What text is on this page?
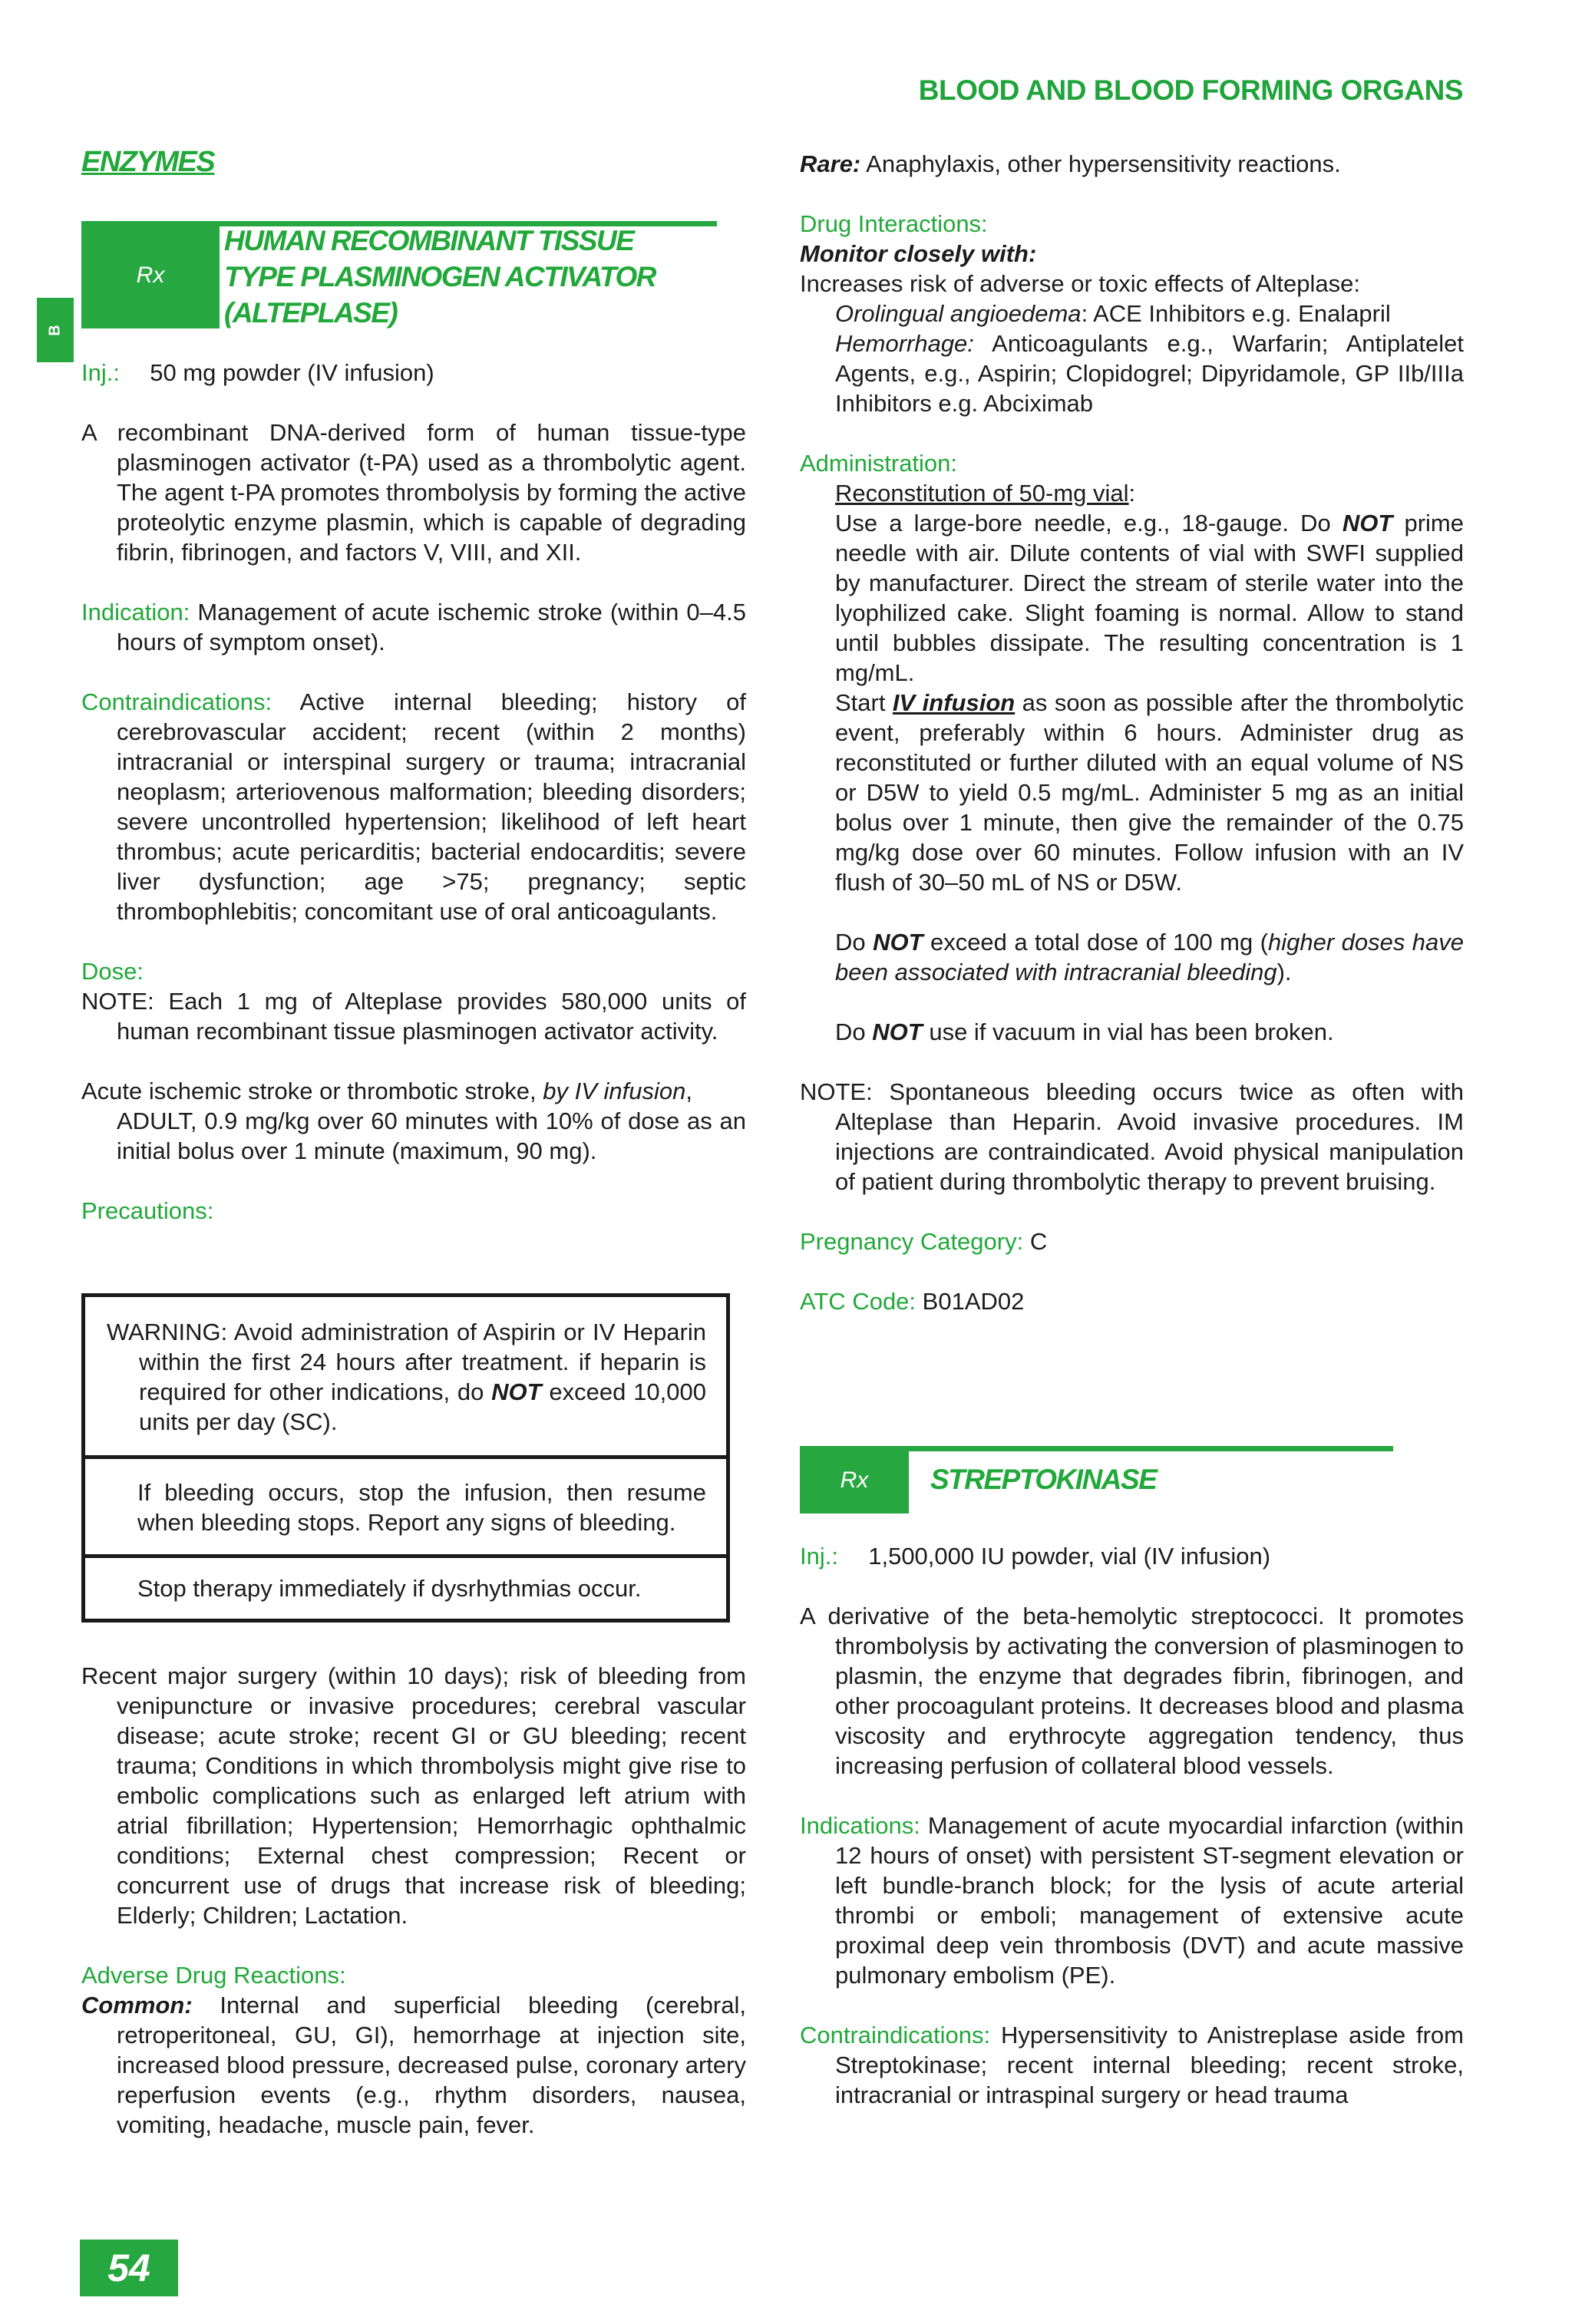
BLOOD AND BLOOD FORMING ORGANS
B
ENZYMES
Rx
HUMAN RECOMBINANT TISSUE
TYPE PLASMINOGEN ACTIVATOR
(ALTEPLASE)

Inj.: 50 mg powder (IV infusion)

A recombinant DNA-derived form of human tissue-type plasminogen activator (t-PA) used as a thrombolytic agent. The agent t-PA promotes thrombolysis by forming the active proteolytic enzyme plasmin, which is capable of degrading fibrin, fibrinogen, and factors V, VIII, and XII.

Indication: Management of acute ischemic stroke (within 0–4.5 hours of symptom onset).

Contraindications: Active internal bleeding; history of cerebrovascular accident; recent (within 2 months) intracranial or interspinal surgery or trauma; intracranial neoplasm; arteriovenous malformation; bleeding disorders; severe uncontrolled hypertension; likelihood of left heart thrombus; acute pericarditis; bacterial endocarditis; severe liver dysfunction; age >75; pregnancy; septic thrombophlebitis; concomitant use of oral anticoagulants.

Dose:

NOTE: Each 1 mg of Alteplase provides 580,000 units of human recombinant tissue plasminogen activator activity.

Acute ischemic stroke or thrombotic stroke, by IV infusion,
ADULT, 0.9 mg/kg over 60 minutes with 10% of dose as an initial bolus over 1 minute (maximum, 90 mg).

Precautions:

WARNING: Avoid administration of Aspirin or IV Heparin within the first 24 hours after treatment. if heparin is required for other indications, do NOT exceed 10,000 units per day (SC).

If bleeding occurs, stop the infusion, then resume when bleeding stops. Report any signs of bleeding.

Stop therapy immediately if dysrhythmias occur.

Recent major surgery (within 10 days); risk of bleeding from venipuncture or invasive procedures; cerebral vascular disease; acute stroke; recent GI or GU bleeding; recent trauma; Conditions in which thrombolysis might give rise to embolic complications such as enlarged left atrium with atrial fibrillation; Hypertension; Hemorrhagic ophthalmic conditions; External chest compression; Recent or concurrent use of drugs that increase risk of bleeding; Elderly; Children; Lactation.

Adverse Drug Reactions:

Common: Internal and superficial bleeding (cerebral, retroperitoneal, GU, GI), hemorrhage at injection site, increased blood pressure, decreased pulse, coronary artery reperfusion events (e.g., rhythm disorders, nausea, vomiting, headache, muscle pain, fever.

Rare: Anaphylaxis, other hypersensitivity reactions.

Drug Interactions:

Monitor closely with:

Increases risk of adverse or toxic effects of Alteplase:

Orolingual angioedema: ACE Inhibitors e.g. Enalapril

Hemorrhage: Anticoagulants e.g., Warfarin; Antiplatelet Agents, e.g., Aspirin; Clopidogrel; Dipyridamole, GP IIb/IIIa Inhibitors e.g. Abciximab

Administration:

Reconstitution of 50-mg vial:

Use a large-bore needle, e.g., 18-gauge. Do NOT prime needle with air. Dilute contents of vial with SWFI supplied by manufacturer. Direct the stream of sterile water into the lyophilized cake. Slight foaming is normal. Allow to stand until bubbles dissipate. The resulting concentration is 1 mg/mL.

Start IV infusion as soon as possible after the thrombolytic event, preferably within 6 hours. Administer drug as reconstituted or further diluted with an equal volume of NS or D5W to yield 0.5 mg/mL. Administer 5 mg as an initial bolus over 1 minute, then give the remainder of the 0.75 mg/kg dose over 60 minutes. Follow infusion with an IV flush of 30–50 mL of NS or D5W.

Do NOT exceed a total dose of 100 mg (higher doses have been associated with intracranial bleeding).

Do NOT use if vacuum in vial has been broken.

NOTE: Spontaneous bleeding occurs twice as often with Alteplase than Heparin. Avoid invasive procedures. IM injections are contraindicated. Avoid physical manipulation of patient during thrombolytic therapy to prevent bruising.

Pregnancy Category: C

ATC Code: B01AD02

Rx STREPTOKINASE

Inj.: 1,500,000 IU powder, vial (IV infusion)

A derivative of the beta-hemolytic streptococci. It promotes thrombolysis by activating the conversion of plasminogen to plasmin, the enzyme that degrades fibrin, fibrinogen, and other procoagulant proteins. It decreases blood and plasma viscosity and erythrocyte aggregation tendency, thus increasing perfusion of collateral blood vessels.

Indications: Management of acute myocardial infarction (within 12 hours of onset) with persistent ST-segment elevation or left bundle-branch block; for the lysis of acute arterial thrombi or emboli; management of extensive acute proximal deep vein thrombosis (DVT) and acute massive pulmonary embolism (PE).

Contraindications: Hypersensitivity to Anistreplase aside from Streptokinase; recent internal bleeding; recent stroke, intracranial or intraspinal surgery or head trauma

54
